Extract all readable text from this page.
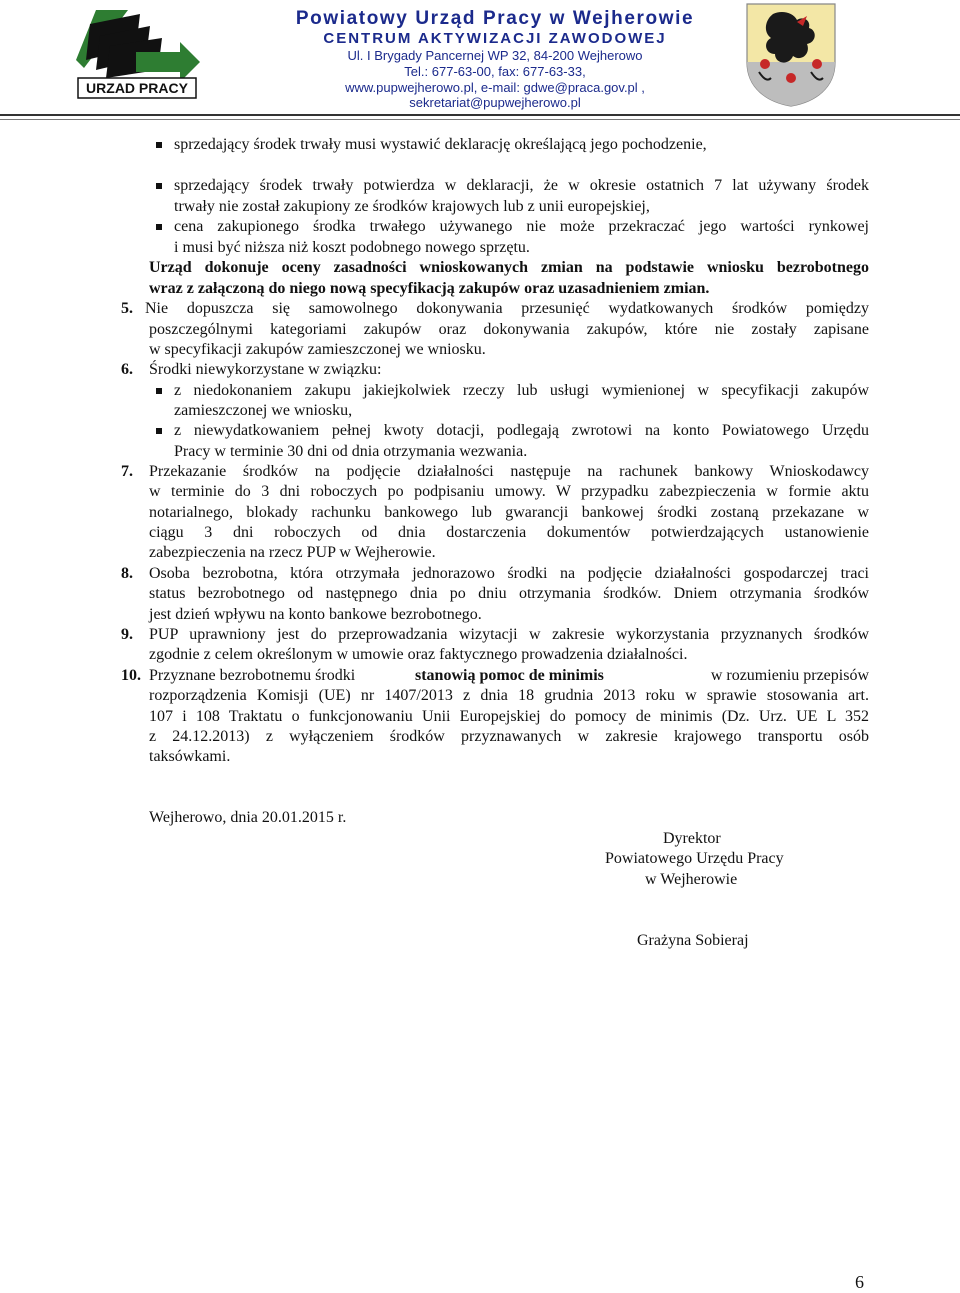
URZAD PRACY
Powiatowy Urząd Pracy w Wejherowie
CENTRUM AKTYWIZACJI ZAWODOWEJ
Ul. I Brygady Pancernej WP 32, 84-200 Wejherowo
Tel.: 677-63-00, fax: 677-63-33,
www.pupwejherowo.pl, e-mail: gdwe@praca.gov.pl ,
sekretariat@pupwejherowo.pl
sprzedający środek trwały musi wystawić deklarację określającą jego pochodzenie,
sprzedający środek trwały potwierdza w deklaracji, że w okresie ostatnich 7 lat używany środek
trwały nie został zakupiony ze środków krajowych lub z unii europejskiej,
cena zakupionego środka trwałego używanego nie może przekraczać jego wartości rynkowej
i musi być niższa niż koszt podobnego nowego sprzętu.
Urząd dokonuje oceny zasadności wnioskowanych zmian na podstawie wniosku bezrobotnego
wraz z załączoną do niego nową specyfikacją zakupów oraz uzasadnieniem zmian.
5. Nie dopuszcza się samowolnego dokonywania przesunięć wydatkowanych środków pomiędzy
poszczególnymi kategoriami zakupów oraz dokonywania zakupów, które nie zostały zapisane
w specyfikacji zakupów zamieszczonej we wniosku.
6. Środki niewykorzystane w związku:
z niedokonaniem zakupu jakiejkolwiek rzeczy lub usługi wymienionej w specyfikacji zakupów
zamieszczonej we wniosku,
z niewydatkowaniem pełnej kwoty dotacji, podlegają zwrotowi na konto Powiatowego Urzędu
Pracy w terminie 30 dni od dnia otrzymania wezwania.
7. Przekazanie środków na podjęcie działalności następuje na rachunek bankowy Wnioskodawcy
w terminie do 3 dni roboczych po podpisaniu umowy. W przypadku zabezpieczenia w formie aktu
notarialnego, blokady rachunku bankowego lub gwarancji bankowej środki zostaną przekazane w
ciągu 3 dni roboczych od dnia dostarczenia dokumentów potwierdzających ustanowienie
zabezpieczenia na rzecz PUP w Wejherowie.
8. Osoba bezrobotna, która otrzymała jednorazowo środki na podjęcie działalności gospodarczej traci
status bezrobotnego od następnego dnia po dniu otrzymania środków. Dniem otrzymania środków
jest dzień wpływu na konto bankowe bezrobotnego.
9. PUP uprawniony jest do przeprowadzania wizytacji w zakresie wykorzystania przyznanych środków
zgodnie z celem określonym w umowie oraz faktycznego prowadzenia działalności.
10. Przyznane bezrobotnemu środki	stanowią pomoc de minimis	w rozumieniu przepisów
rozporządzenia Komisji (UE) nr 1407/2013 z dnia 18 grudnia 2013 roku w sprawie stosowania art.
107 i 108 Traktatu o funkcjonowaniu Unii Europejskiej do pomocy de minimis (Dz. Urz. UE L 352
z 24.12.2013) z wyłączeniem środków przyznawanych w zakresie krajowego transportu osób
taksówkami.
Wejherowo, dnia 20.01.2015 r.
Dyrektor
Powiatowego Urzędu Pracy
w Wejherowie
Grażyna Sobieraj
6
